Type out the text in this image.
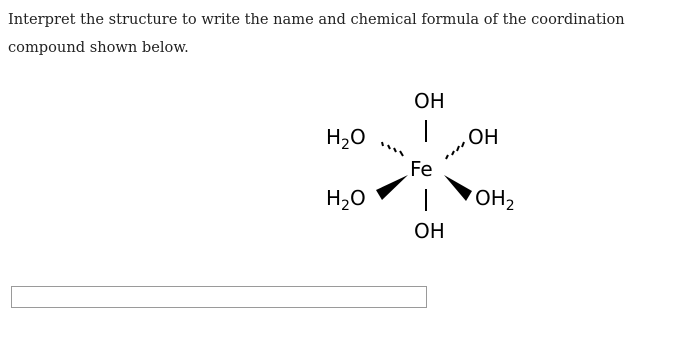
Interpret the structure to write the name and chemical formula of the coordination compound shown below.

OH
$H_2O$	OH
Fe
$H_2O$	$OH_2$
OH
